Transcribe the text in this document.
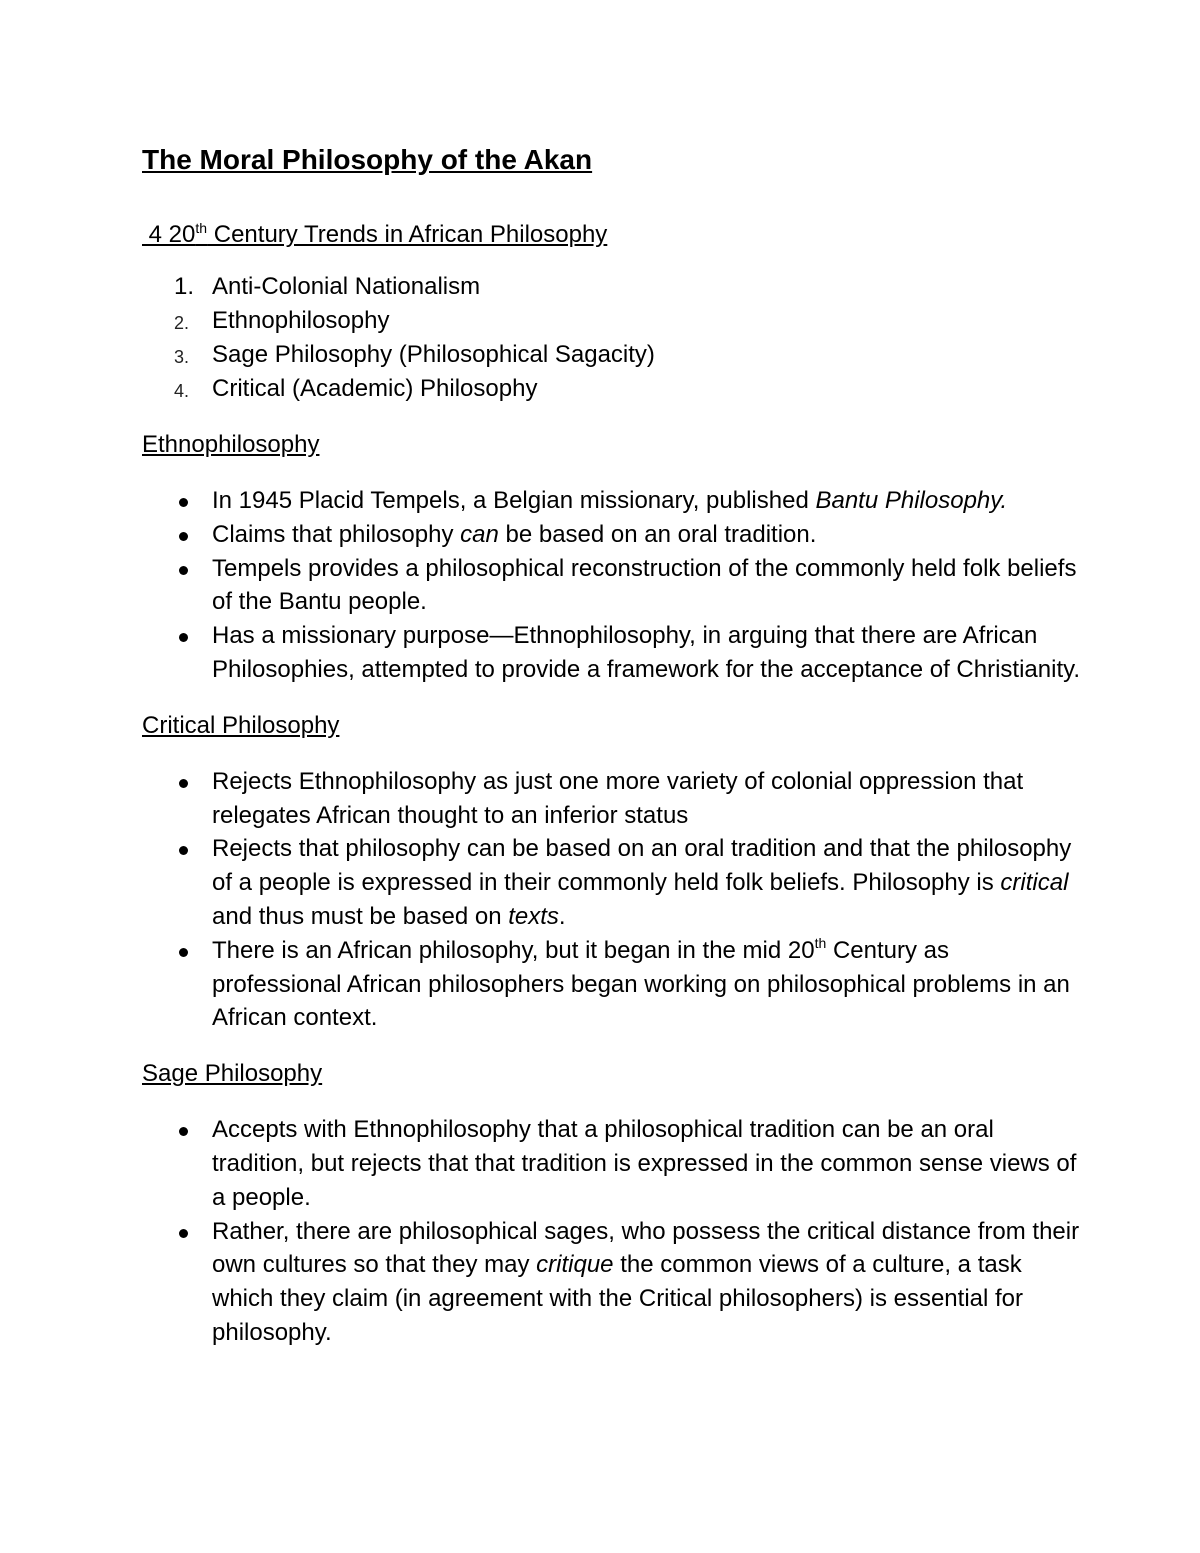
The Moral Philosophy of the Akan
4 20th Century Trends in African Philosophy
1. Anti-Colonial Nationalism
2. Ethnophilosophy
3. Sage Philosophy (Philosophical Sagacity)
4. Critical (Academic) Philosophy
Ethnophilosophy
In 1945 Placid Tempels, a Belgian missionary, published Bantu Philosophy.
Claims that philosophy can be based on an oral tradition.
Tempels provides a philosophical reconstruction of the commonly held folk beliefs of the Bantu people.
Has a missionary purpose—Ethnophilosophy, in arguing that there are African Philosophies, attempted to provide a framework for the acceptance of Christianity.
Critical Philosophy
Rejects Ethnophilosophy as just one more variety of colonial oppression that relegates African thought to an inferior status
Rejects that philosophy can be based on an oral tradition and that the philosophy of a people is expressed in their commonly held folk beliefs. Philosophy is critical and thus must be based on texts.
There is an African philosophy, but it began in the mid 20th Century as professional African philosophers began working on philosophical problems in an African context.
Sage Philosophy
Accepts with Ethnophilosophy that a philosophical tradition can be an oral tradition, but rejects that that tradition is expressed in the common sense views of a people.
Rather, there are philosophical sages, who possess the critical distance from their own cultures so that they may critique the common views of a culture, a task which they claim (in agreement with the Critical philosophers) is essential for philosophy.
